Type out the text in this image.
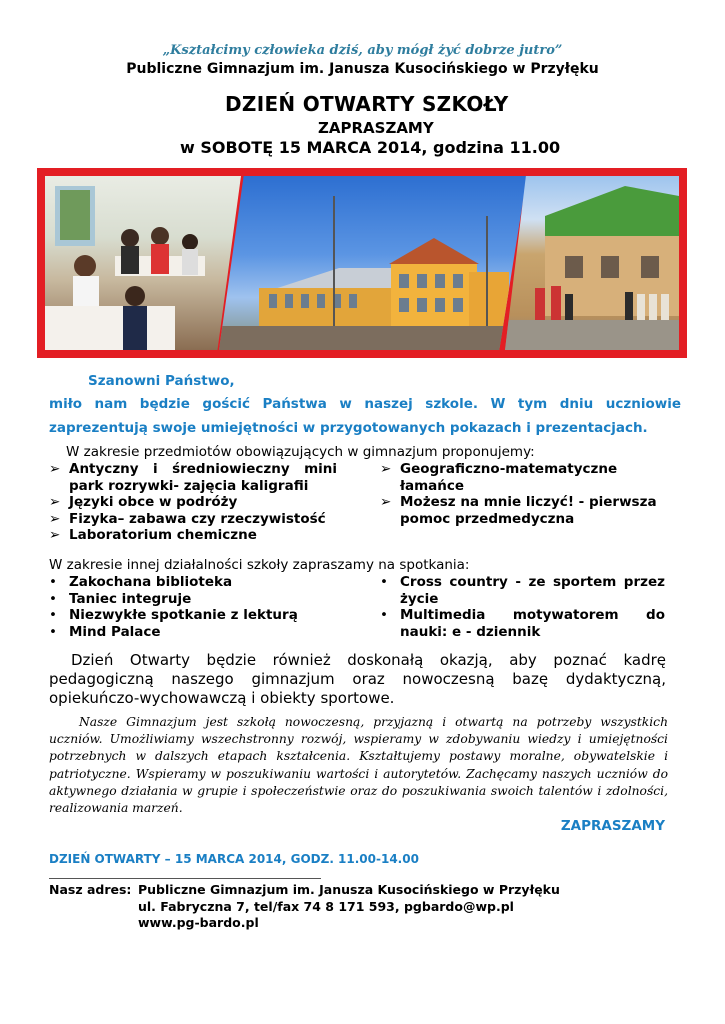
„Kształcimy człowieka dziś, aby mógł żyć dobrze jutro”
Publiczne Gimnazjum im. Janusza Kusocińskiego w Przyłęku
DZIEŃ OTWARTY SZKOŁY
ZAPRASZAMY
w SOBOTĘ 15 MARCA 2014, godzina 11.00
Szanowni Państwo,
miło nam będzie gościć Państwa w naszej szkole. W tym dniu uczniowie
zaprezentują swoje umiejętności w przygotowanych pokazach i prezentacjach.
W zakresie przedmiotów obowiązujących w gimnazjum proponujemy:
➢ Antyczny i średniowieczny mini park rozrywki- zajęcia kaligrafii
➢ Języki obce w podróży
➢ Fizyka– zabawa czy rzeczywistość
➢ Laboratorium chemiczne
➢ Geograficzno-matematyczne łamańce
➢ Możesz na mnie liczyć! - pierwsza pomoc przedmedyczna
W zakresie innej działalności szkoły zapraszamy na spotkania:
• Zakochana biblioteka
• Taniec integruje
• Niezwykłe spotkanie z lekturą
• Mind Palace
• Cross country - ze sportem przez życie
• Multimedia motywatorem do nauki: e - dziennik
Dzień Otwarty będzie również doskonałą okazją, aby poznać kadrę pedagogiczną naszego gimnazjum oraz nowoczesną bazę dydaktyczną, opiekuńczo-wychowawczą i obiekty sportowe.
Nasze Gimnazjum jest szkołą nowoczesną, przyjazną i otwartą na potrzeby wszystkich uczniów. Umożliwiamy wszechstronny rozwój, wspieramy w zdobywaniu wiedzy i umiejętności potrzebnych w dalszych etapach kształcenia. Kształtujemy postawy moralne, obywatelskie i patriotyczne. Wspieramy w poszukiwaniu wartości i autorytetów. Zachęcamy naszych uczniów do aktywnego działania w grupie i społeczeństwie oraz do poszukiwania swoich talentów i zdolności, realizowania marzeń.
ZAPRASZAMY
DZIEŃ OTWARTY – 15 MARCA 2014, GODZ. 11.00-14.00
Nasz adres: Publiczne Gimnazjum im. Janusza Kusocińskiego w Przyłęku
ul. Fabryczna 7, tel/fax 74 8 171 593, pgbardo@wp.pl
www.pg-bardo.pl
